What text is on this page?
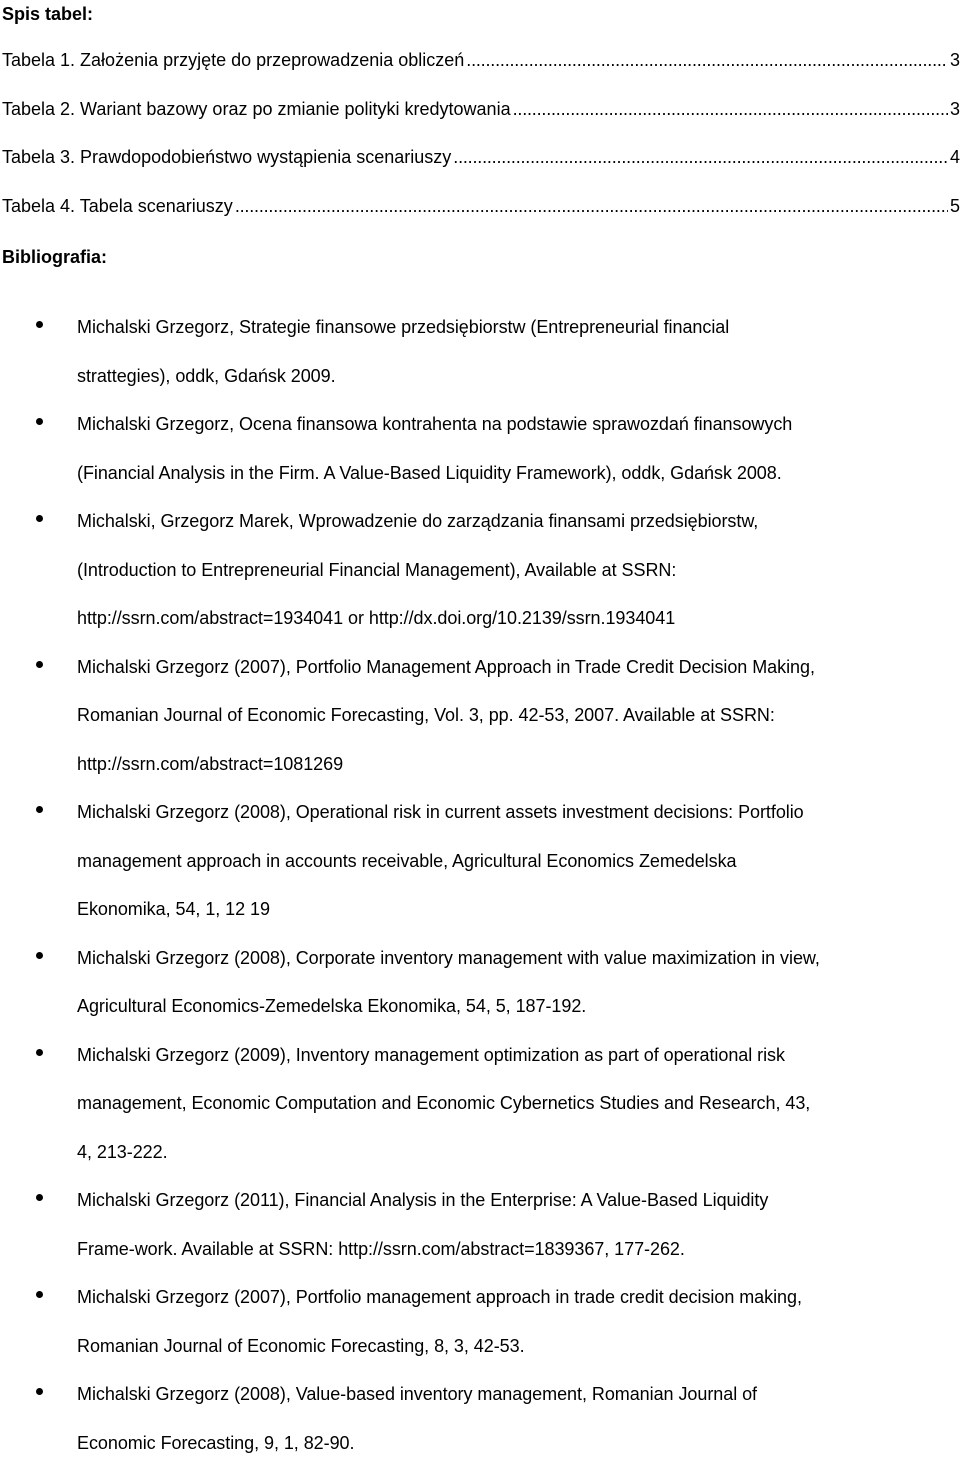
Spis tabel:
Tabela 1. Założenia przyjęte do przeprowadzenia obliczeń . . .	3
Tabela 2. Wariant bazowy oraz po zmianie polityki kredytowania . . .	3
Tabela 3. Prawdopodobieństwo wystąpienia scenariuszy . . .	4
Tabela 4. Tabela scenariuszy . . .	5
Bibliografia:
Michalski Grzegorz, Strategie finansowe przedsiębiorstw (Entrepreneurial financial
strattegies), oddk, Gdańsk 2009.
Michalski Grzegorz, Ocena finansowa kontrahenta na podstawie sprawozdań finansowych
(Financial Analysis in the Firm. A Value-Based Liquidity Framework), oddk, Gdańsk 2008.
Michalski, Grzegorz Marek, Wprowadzenie do zarządzania finansami przedsiębiorstw,
(Introduction to Entrepreneurial Financial Management), Available at SSRN:
http://ssrn.com/abstract=1934041 or http://dx.doi.org/10.2139/ssrn.1934041
Michalski Grzegorz (2007), Portfolio Management Approach in Trade Credit Decision Making,
Romanian Journal of Economic Forecasting, Vol. 3, pp. 42-53, 2007. Available at SSRN:
http://ssrn.com/abstract=1081269
Michalski Grzegorz (2008), Operational risk in current assets investment decisions: Portfolio
management approach in accounts receivable, Agricultural Economics Zemedelska
Ekonomika, 54, 1, 12 19
Michalski Grzegorz (2008), Corporate inventory management with value maximization in view,
Agricultural Economics-Zemedelska Ekonomika, 54, 5, 187-192.
Michalski Grzegorz (2009), Inventory management optimization as part of operational risk
management, Economic Computation and Economic Cybernetics Studies and Research, 43,
4, 213-222.
Michalski Grzegorz (2011), Financial Analysis in the Enterprise: A Value-Based Liquidity
Frame-work. Available at SSRN: http://ssrn.com/abstract=1839367, 177-262.
Michalski Grzegorz (2007), Portfolio management approach in trade credit decision making,
Romanian Journal of Economic Forecasting, 8, 3, 42-53.
Michalski Grzegorz (2008), Value-based inventory management, Romanian Journal of
Economic Forecasting, 9, 1, 82-90.
